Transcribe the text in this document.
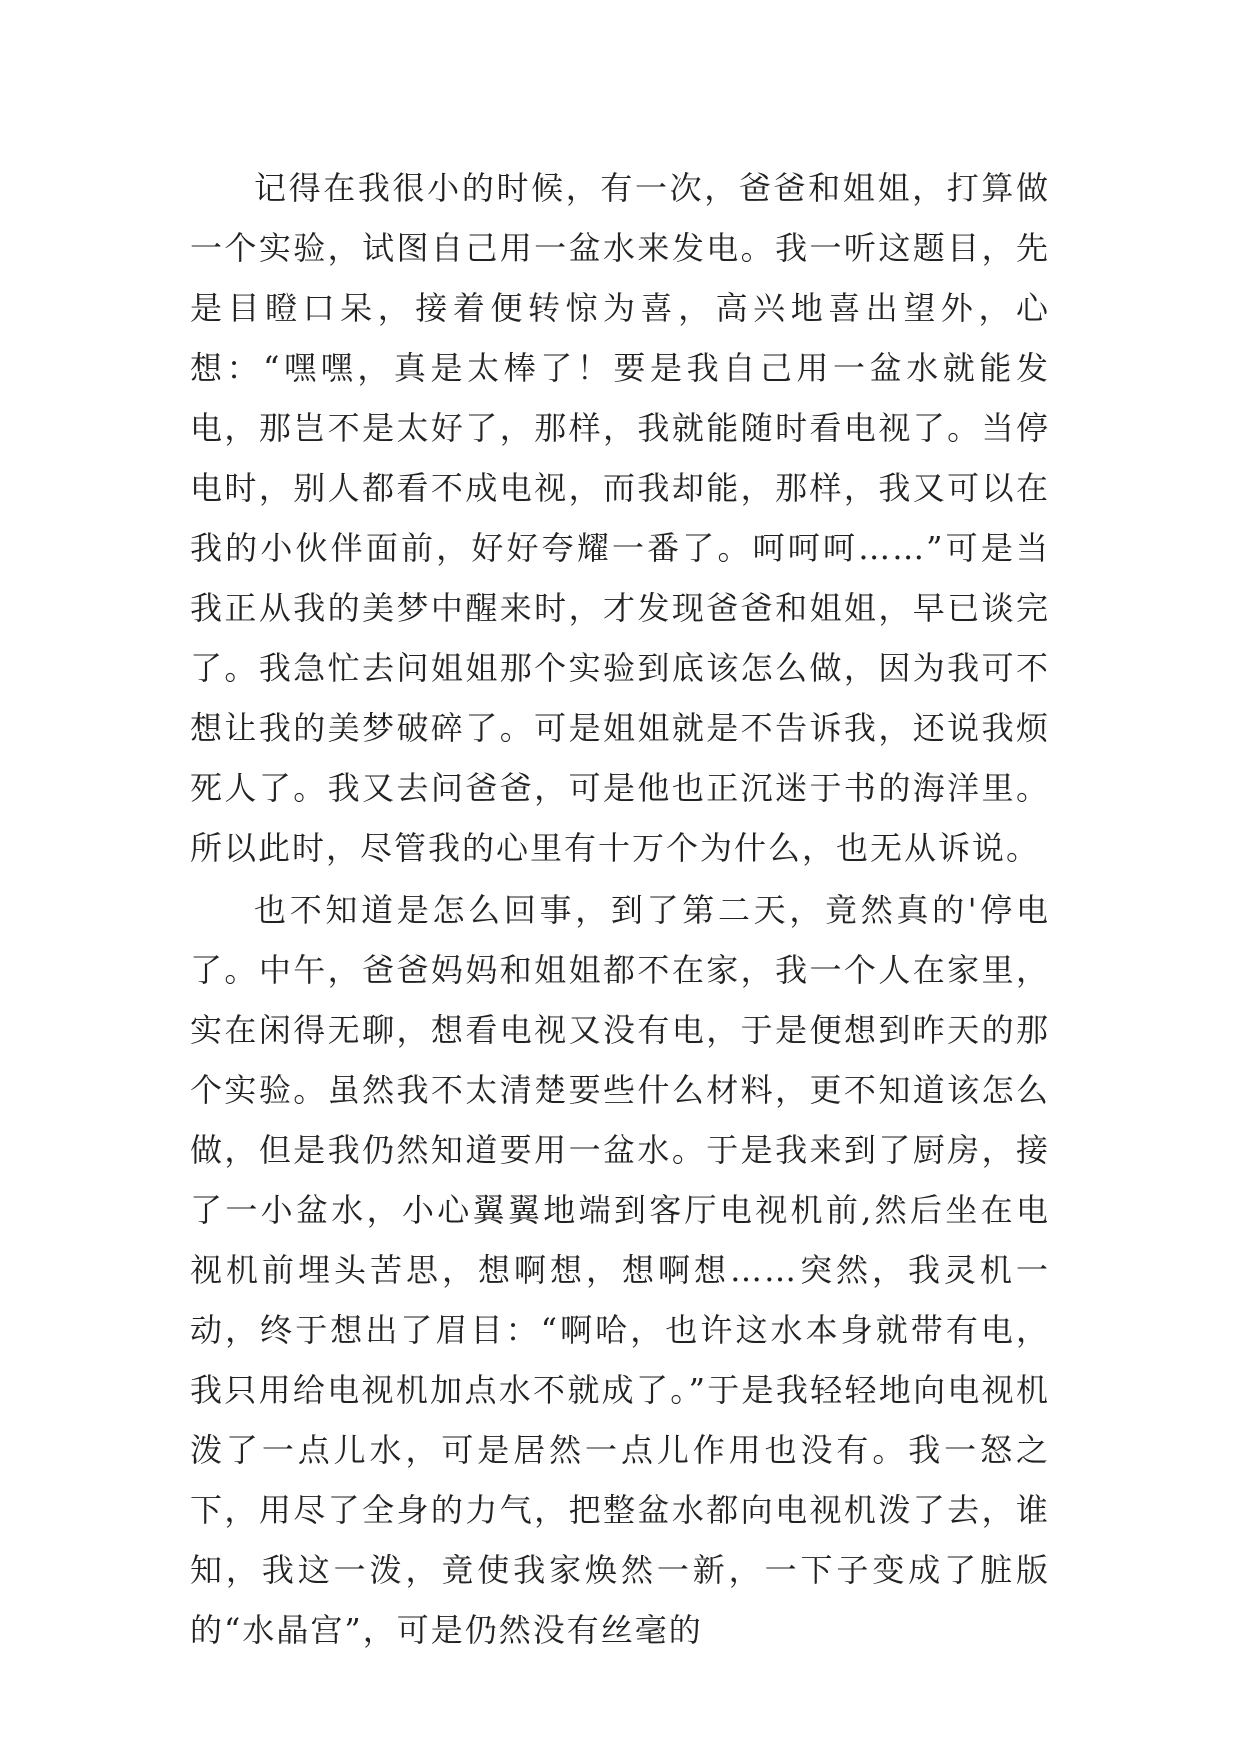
记得在我很小的时候，有一次，爸爸和姐姐，打算做一个实验，试图自己用一盆水来发电。我一听这题目，先是目瞪口呆，接着便转惊为喜，高兴地喜出望外，心想：“嘿嘿，真是太棒了！要是我自己用一盆水就能发电，那岂不是太好了，那样，我就能随时看电视了。当停电时，别人都看不成电视，而我却能，那样，我又可以在我的小伙伴面前，好好夸耀一番了。呵呵呵……”可是当我正从我的美梦中醒来时，才发现爸爸和姐姐，早已谈完了。我急忙去问姐姐那个实验到底该怎么做，因为我可不想让我的美梦破碎了。可是姐姐就是不告诉我，还说我烦死人了。我又去问爸爸，可是他也正沉迷于书的海洋里。所以此时，尽管我的心里有十万个为什么，也无从诉说。

也不知道是怎么回事，到了第二天，竟然真的'停电了。中午，爸爸妈妈和姐姐都不在家，我一个人在家里，实在闲得无聊，想看电视又没有电，于是便想到昨天的那个实验。虽然我不太清楚要些什么材料，更不知道该怎么做，但是我仍然知道要用一盆水。于是我来到了厨房，接了一小盆水，小心翼翼地端到客厅电视机前,然后坐在电视机前埋头苦思，想啊想，想啊想……突然，我灵机一动，终于想出了眉目：“啊哈，也许这水本身就带有电，我只用给电视机加点水不就成了。”于是我轻轻地向电视机泼了一点儿水，可是居然一点儿作用也没有。我一怒之下，用尽了全身的力气，把整盆水都向电视机泼了去，谁知，我这一泼，竟使我家焕然一新，一下子变成了脏版的“水晶宫”，可是仍然没有丝毫的
